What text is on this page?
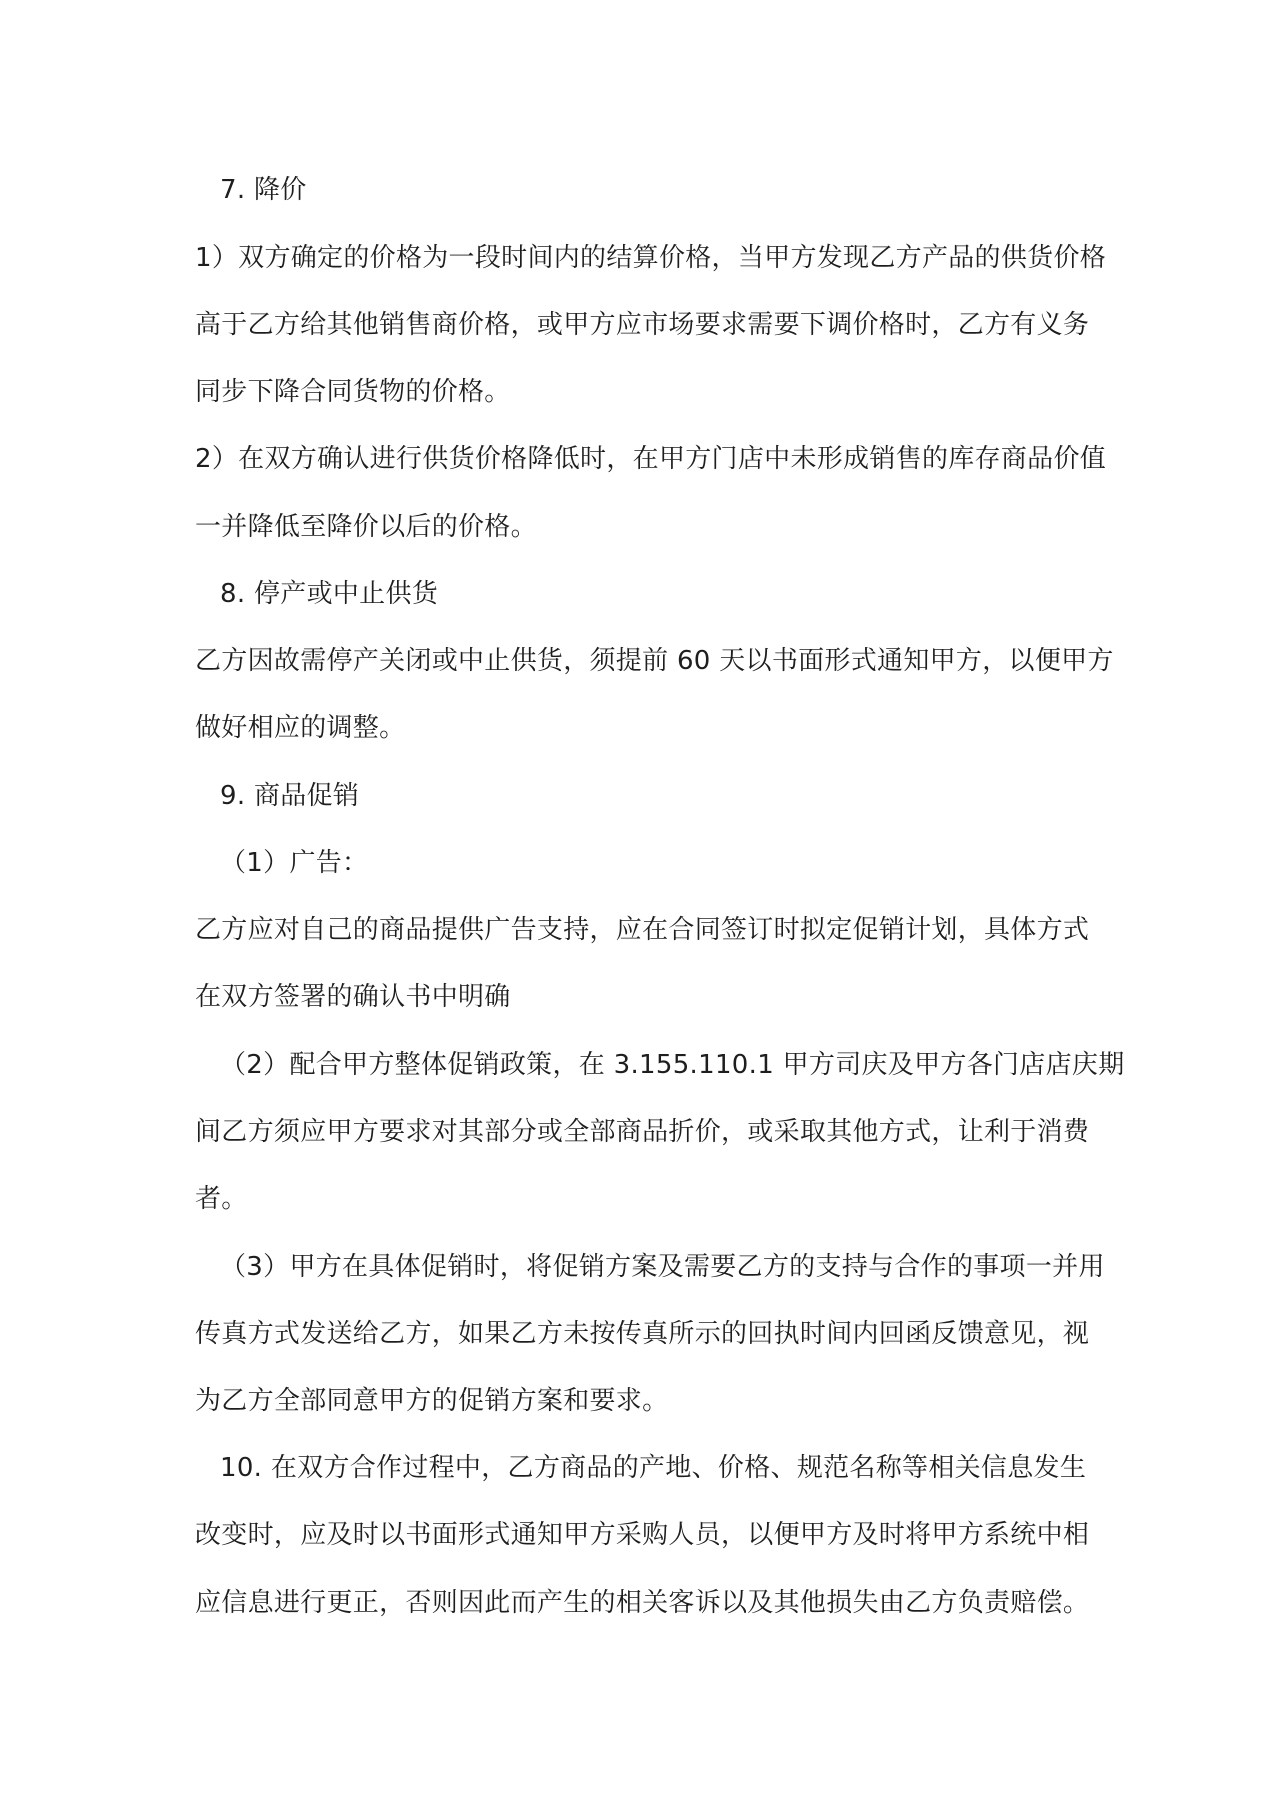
7. 降价
1）双方确定的价格为一段时间内的结算价格，当甲方发现乙方产品的供货价格
高于乙方给其他销售商价格，或甲方应市场要求需要下调价格时，乙方有义务
同步下降合同货物的价格。
2）在双方确认进行供货价格降低时，在甲方门店中未形成销售的库存商品价值
一并降低至降价以后的价格。
8. 停产或中止供货
乙方因故需停产关闭或中止供货，须提前 60 天以书面形式通知甲方，以便甲方
做好相应的调整。
9. 商品促销
（1）广告：
乙方应对自己的商品提供广告支持，应在合同签订时拟定促销计划，具体方式
在双方签署的确认书中明确
（2）配合甲方整体促销政策，在 3.155.110.1 甲方司庆及甲方各门店店庆期
间乙方须应甲方要求对其部分或全部商品折价，或采取其他方式，让利于消费
者。
（3）甲方在具体促销时，将促销方案及需要乙方的支持与合作的事项一并用
传真方式发送给乙方，如果乙方未按传真所示的回执时间内回函反馈意见，视
为乙方全部同意甲方的促销方案和要求。
10. 在双方合作过程中，乙方商品的产地、价格、规范名称等相关信息发生
改变时，应及时以书面形式通知甲方采购人员，以便甲方及时将甲方系统中相
应信息进行更正，否则因此而产生的相关客诉以及其他损失由乙方负责赔偿。
